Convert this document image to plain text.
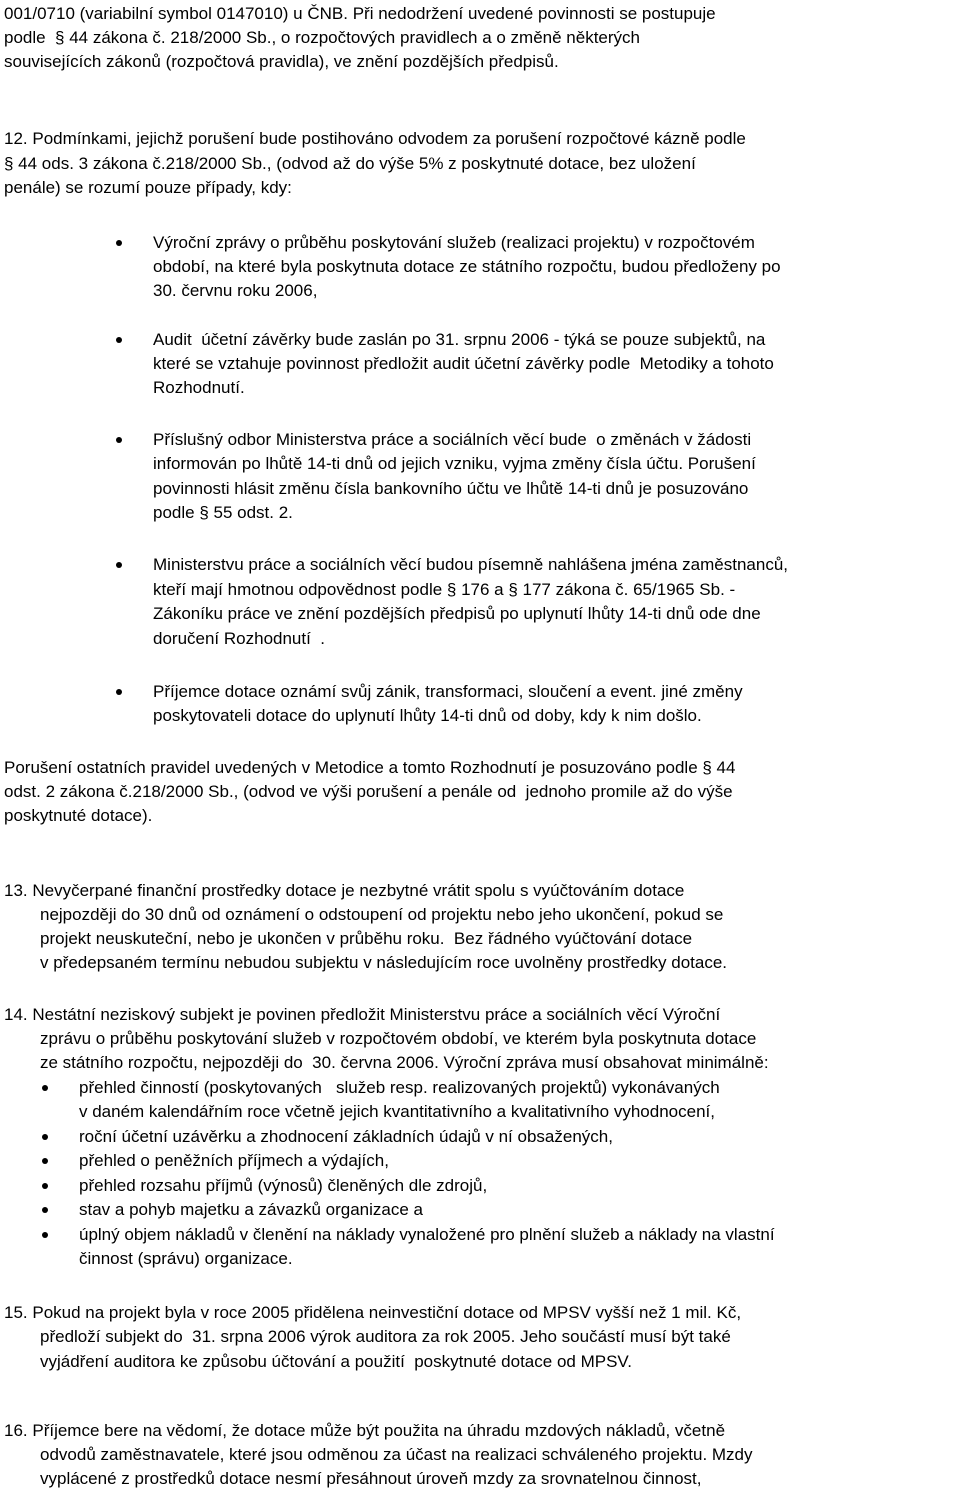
001/0710 (variabilní symbol 0147010) u ČNB. Při nedodržení uvedené povinnosti se postupuje
podle  § 44 zákona č. 218/2000 Sb., o rozpočtových pravidlech a o změně některých
souvisejících zákonů (rozpočtová pravidla), ve znění pozdějších předpisů.
12. Podmínkami, jejichž porušení bude postihováno odvodem za porušení rozpočtové kázně podle
§ 44 ods. 3 zákona č.218/2000 Sb., (odvod až do výše 5% z poskytnuté dotace, bez uložení
penále) se rozumí pouze případy, kdy:
Výroční zprávy o průběhu poskytování služeb (realizaci projektu) v rozpočtovém
období, na které byla poskytnuta dotace ze státního rozpočtu, budou předloženy po
30. červnu roku 2006,
Audit  účetní závěrky bude zaslán po 31. srpnu 2006 - týká se pouze subjektů, na
které se vztahuje povinnost předložit audit účetní závěrky podle  Metodiky a tohoto
Rozhodnutí.
Příslušný odbor Ministerstva práce a sociálních věcí bude  o změnách v žádosti
informován po lhůtě 14-ti dnů od jejich vzniku, vyjma změny čísla účtu. Porušení
povinnosti hlásit změnu čísla bankovního účtu ve lhůtě 14-ti dnů je posuzováno
podle § 55 odst. 2.
Ministerstvu práce a sociálních věcí budou písemně nahlášena jména zaměstnanců,
kteří mají hmotnou odpovědnost podle § 176 a § 177 zákona č. 65/1965 Sb. -
Zákoníku práce ve znění pozdějších předpisů po uplynutí lhůty 14-ti dnů ode dne
doručení Rozhodnutí  .
Příjemce dotace oznámí svůj zánik, transformaci, sloučení a event. jiné změny
poskytovateli dotace do uplynutí lhůty 14-ti dnů od doby, kdy k nim došlo.
Porušení ostatních pravidel uvedených v Metodice a tomto Rozhodnutí je posuzováno podle § 44
odst. 2 zákona č.218/2000 Sb., (odvod ve výši porušení a penále od  jednoho promile až do výše
poskytnuté dotace).
13. Nevyčerpané finanční prostředky dotace je nezbytné vrátit spolu s vyúčtováním dotace
nejpozději do 30 dnů od oznámení o odstoupení od projektu nebo jeho ukončení, pokud se
projekt neuskuteční, nebo je ukončen v průběhu roku.  Bez řádného vyúčtování dotace
v předepsaném termínu nebudou subjektu v následujícím roce uvolněny prostředky dotace.
14. Nestátní neziskový subjekt je povinen předložit Ministerstvu práce a sociálních věcí Výroční
zprávu o průběhu poskytování služeb v rozpočtovém období, ve kterém byla poskytnuta dotace
ze státního rozpočtu, nejpozději do  30. června 2006. Výroční zpráva musí obsahovat minimálně:
přehled činností (poskytovaných   služeb resp. realizovaných projektů) vykonávaných
v daném kalendářním roce včetně jejich kvantitativního a kvalitativního vyhodnocení,
roční účetní uzávěrku a zhodnocení základních údajů v ní obsažených,
přehled o peněžních příjmech a výdajích,
přehled rozsahu příjmů (výnosů) členěných dle zdrojů,
stav a pohyb majetku a závazků organizace a
úplný objem nákladů v členění na náklady vynaložené pro plnění služeb a náklady na vlastní
činnost (správu) organizace.
15. Pokud na projekt byla v roce 2005 přidělena neinvestiční dotace od MPSV vyšší než 1 mil. Kč,
předloží subjekt do  31. srpna 2006 výrok auditora za rok 2005. Jeho součástí musí být také
vyjádření auditora ke způsobu účtování a použití  poskytnuté dotace od MPSV.
16. Příjemce bere na vědomí, že dotace může být použita na úhradu mzdových nákladů, včetně
odvodů zaměstnavatele, které jsou odměnou za účast na realizaci schváleného projektu. Mzdy
vyplácené z prostředků dotace nesmí přesáhnout úroveň mzdy za srovnatelnou činnost,
